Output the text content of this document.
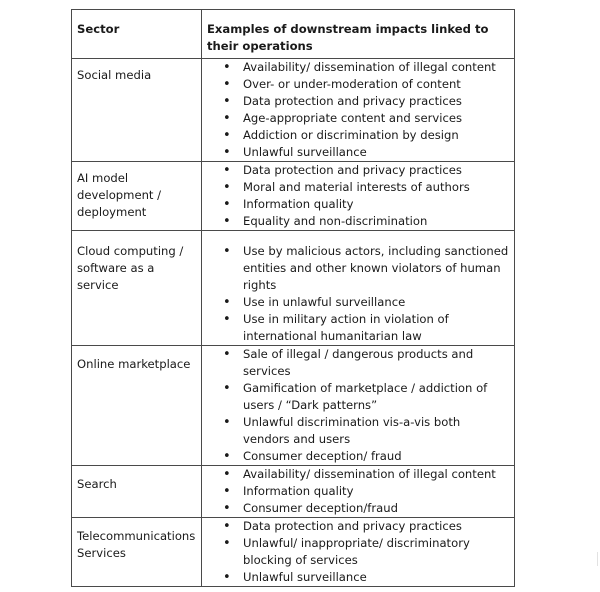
Sector	Examples of downstream impacts linked to their operations
Social media	
• Availability/ dissemination of illegal content
• Over- or under-moderation of content
• Data protection and privacy practices
• Age-appropriate content and services
• Addiction or discrimination by design
• Unlawful surveillance

AI model development / deployment	
• Data protection and privacy practices
• Moral and material interests of authors
• Information quality
• Equality and non-discrimination

Cloud computing / software as a service	
• Use by malicious actors, including sanctioned entities and other known violators of human rights
• Use in unlawful surveillance
• Use in military action in violation of international humanitarian law

Online marketplace	
• Sale of illegal / dangerous products and services
• Gamification of marketplace / addiction of users / “Dark patterns”
• Unlawful discrimination vis-a-vis both vendors and users
• Consumer deception/ fraud

Search	
• Availability/ dissemination of illegal content
• Information quality
• Consumer deception/fraud

Telecommunications Services	
• Data protection and privacy practices
• Unlawful/ inappropriate/ discriminatory blocking of services
• Unlawful surveillance
